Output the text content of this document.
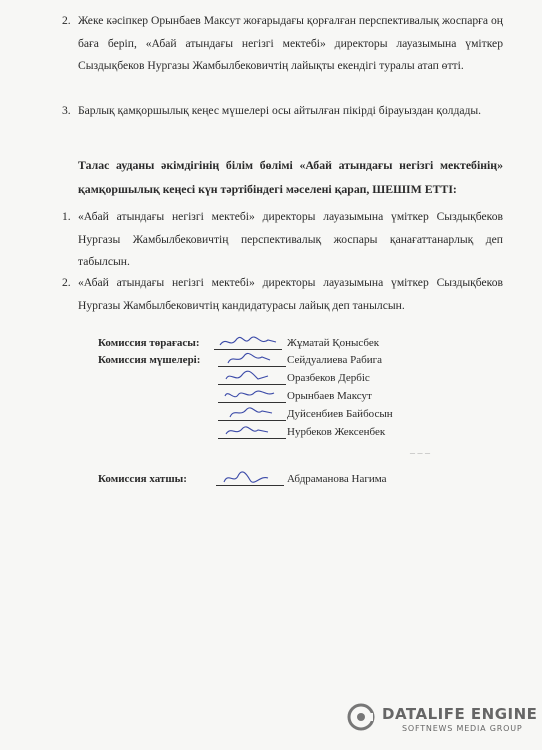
2. Жеке кәсіпкер Орынбаев Максут жоғарыдағы қорғалған перспективалық жоспарға оң баға беріп, «Абай атындағы негізгі мектебі» директоры лауазымына үміткер Сыздықбеков Нургазы Жамбылбековичтің лайықты екендігі туралы атап өтті.
3. Барлық қамқоршылық кеңес мүшелері осы айтылған пікірді бірауыздан қолдады.
Талас ауданы әкімдігінің білім бөлімі «Абай атындағы негізгі мектебінің» қамқоршылық кеңесі күн тәртібіндегі мәселені қарап, ШЕШІМ ЕТТІ:
1. «Абай атындағы негізгі мектебі» директоры лауазымына үміткер Сыздықбеков Нургазы Жамбылбековичтің перспективалық жоспары қанағаттанарлық деп табылсын.
2. «Абай атындағы негізгі мектебі» директоры лауазымына үміткер Сыздықбеков Нургазы Жамбылбековичтің кандидатурасы лайық деп танылсын.
Комиссия төрағасы:	Жұматай Қонысбек
Комиссия мүшелері:	Сейдуалиева Рабига
Оразбеков Дербіс
Орынбаев Максут
Дуйсенбиев Байбосын
Нурбеков Жексенбек
Комиссия хатшы:	Абдраманова Нагима
‒ ‒ ‒
DATALIFE ENGINE
SOFTNEWS MEDIA GROUP
